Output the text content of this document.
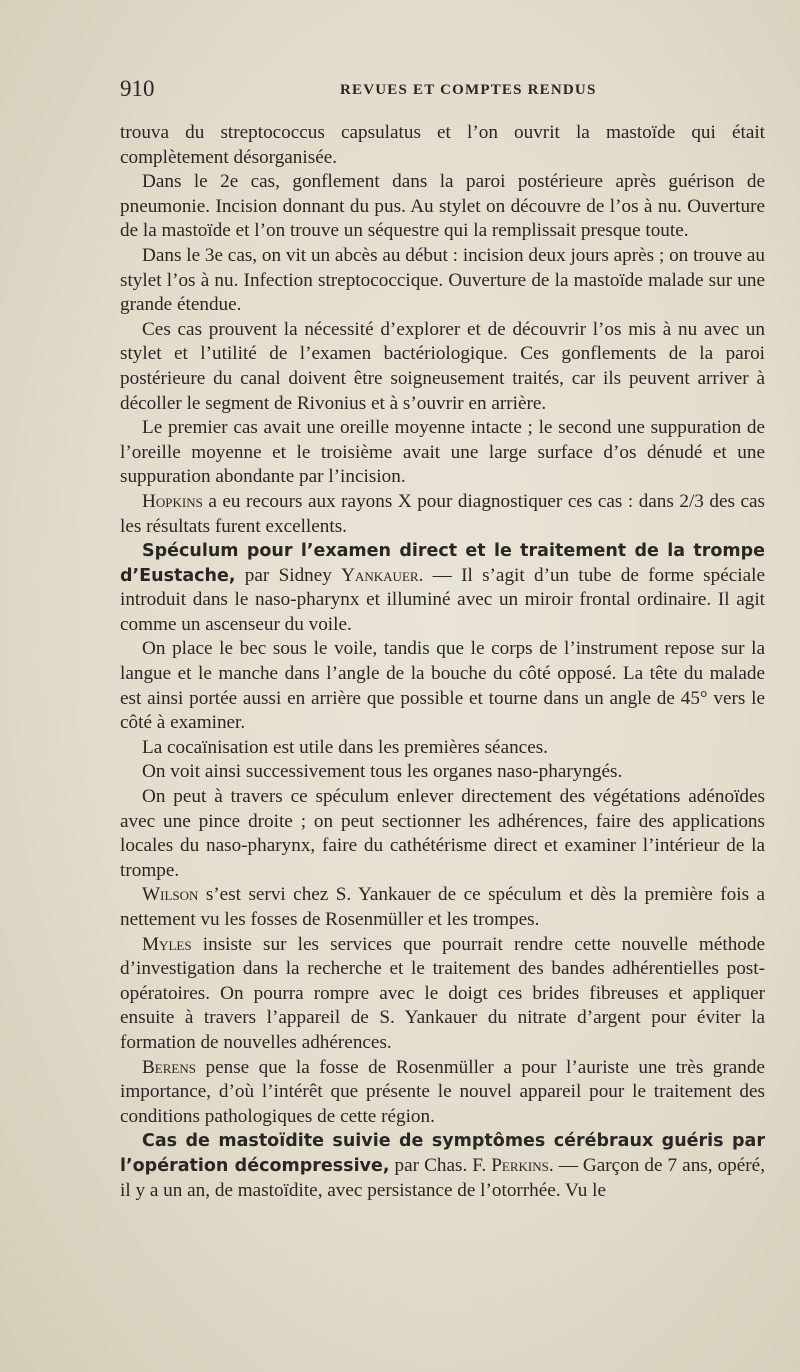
910	REVUES ET COMPTES RENDUS

trouva du streptococcus capsulatus et l’on ouvrit la mastoïde qui était complètement désorganisée.

Dans le 2e cas, gonflement dans la paroi postérieure après guérison de pneumonie. Incision donnant du pus. Au stylet on découvre de l’os à nu. Ouverture de la mastoïde et l’on trouve un séquestre qui la remplissait presque toute.

Dans le 3e cas, on vit un abcès au début : incision deux jours après ; on trouve au stylet l’os à nu. Infection streptococcique. Ouverture de la mastoïde malade sur une grande étendue.

Ces cas prouvent la nécessité d’explorer et de découvrir l’os mis à nu avec un stylet et l’utilité de l’examen bactériologique. Ces gonflements de la paroi postérieure du canal doivent être soigneusement traités, car ils peuvent arriver à décoller le segment de Rivonius et à s’ouvrir en arrière.

Le premier cas avait une oreille moyenne intacte ; le second une suppuration de l’oreille moyenne et le troisième avait une large surface d’os dénudé et une suppuration abondante par l’incision.

Hopkins a eu recours aux rayons X pour diagnostiquer ces cas : dans 2/3 des cas les résultats furent excellents.

Spéculum pour l’examen direct et le traitement de la trompe d’Eustache, par Sidney Yankauer. — Il s’agit d’un tube de forme spéciale introduit dans le naso-pharynx et illuminé avec un miroir frontal ordinaire. Il agit comme un ascenseur du voile.

On place le bec sous le voile, tandis que le corps de l’instrument repose sur la langue et le manche dans l’angle de la bouche du côté opposé. La tête du malade est ainsi portée aussi en arrière que possible et tourne dans un angle de 45° vers le côté à examiner.

La cocaïnisation est utile dans les premières séances.

On voit ainsi successivement tous les organes naso-pharyngés.

On peut à travers ce spéculum enlever directement des végétations adénoïdes avec une pince droite ; on peut sectionner les adhérences, faire des applications locales du naso-pharynx, faire du cathétérisme direct et examiner l’intérieur de la trompe.

Wilson s’est servi chez S. Yankauer de ce spéculum et dès la première fois a nettement vu les fosses de Rosenmüller et les trompes.

Myles insiste sur les services que pourrait rendre cette nouvelle méthode d’investigation dans la recherche et le traitement des bandes adhérentielles post-opératoires. On pourra rompre avec le doigt ces brides fibreuses et appliquer ensuite à travers l’appareil de S. Yankauer du nitrate d’argent pour éviter la formation de nouvelles adhérences.

Berens pense que la fosse de Rosenmüller a pour l’auriste une très grande importance, d’où l’intérêt que présente le nouvel appareil pour le traitement des conditions pathologiques de cette région.

Cas de mastoïdite suivie de symptômes cérébraux guéris par l’opération décompressive, par Chas. F. Perkins. — Garçon de 7 ans, opéré, il y a un an, de mastoïdite, avec persistance de l’otorrhée. Vu le
